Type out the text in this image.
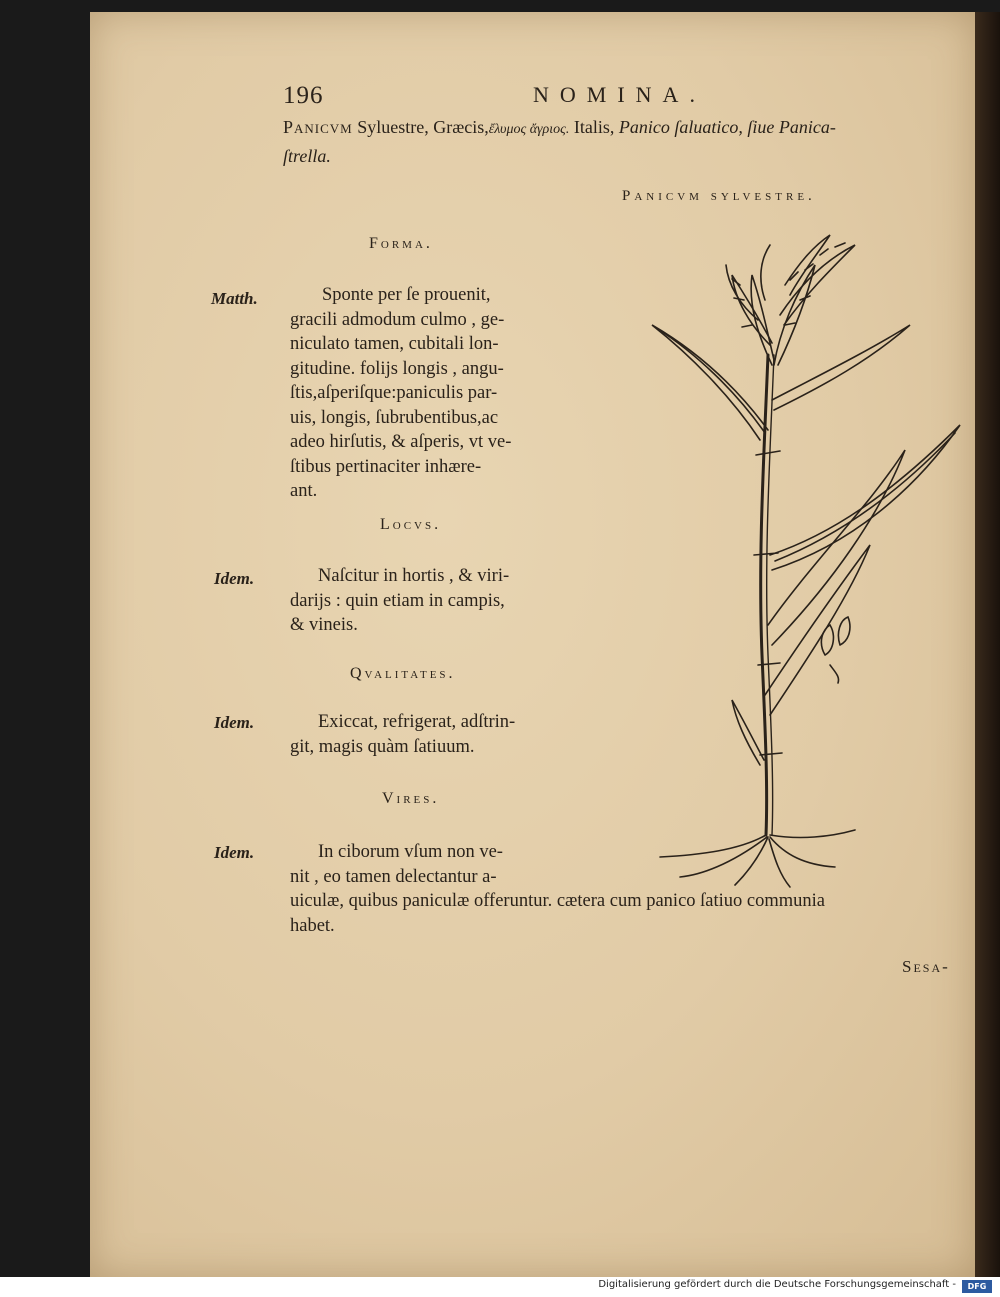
196	NOMINA.
Panicvm Syluestre, Græcis,ἔλυμος ἄγριος. Italis, Panico ſaluatico, ſiue Panica-
ſtrella.
Panicvm sylvestre.
Forma.
Matth.	Sponte per ſe prouenit,
gracili admodum culmo , ge-
niculato tamen, cubitali lon-
gitudine. folijs longis , angu-
ſtis,aſperiſque:paniculis par-
uis, longis, ſubrubentibus,ac
adeo hirſutis, & aſperis, vt ve-
ſtibus pertinaciter inhære-
ant.
Locvs.
Idem.	Naſcitur in hortis , & viri-
darijs : quin etiam in campis,
& vineis.
Qvalitates.
Idem.	Exiccat, refrigerat, adſtrin-
git, magis quàm ſatiuum.
Vires.
Idem.	In ciborum vſum non ve-
nit , eo tamen delectantur a-
uiculæ, quibus paniculæ offeruntur. cætera cum panico ſatiuo communia
habet.
Sesa-
Digitalisierung gefördert durch die Deutsche Forschungsgemeinschaft -	DFG
